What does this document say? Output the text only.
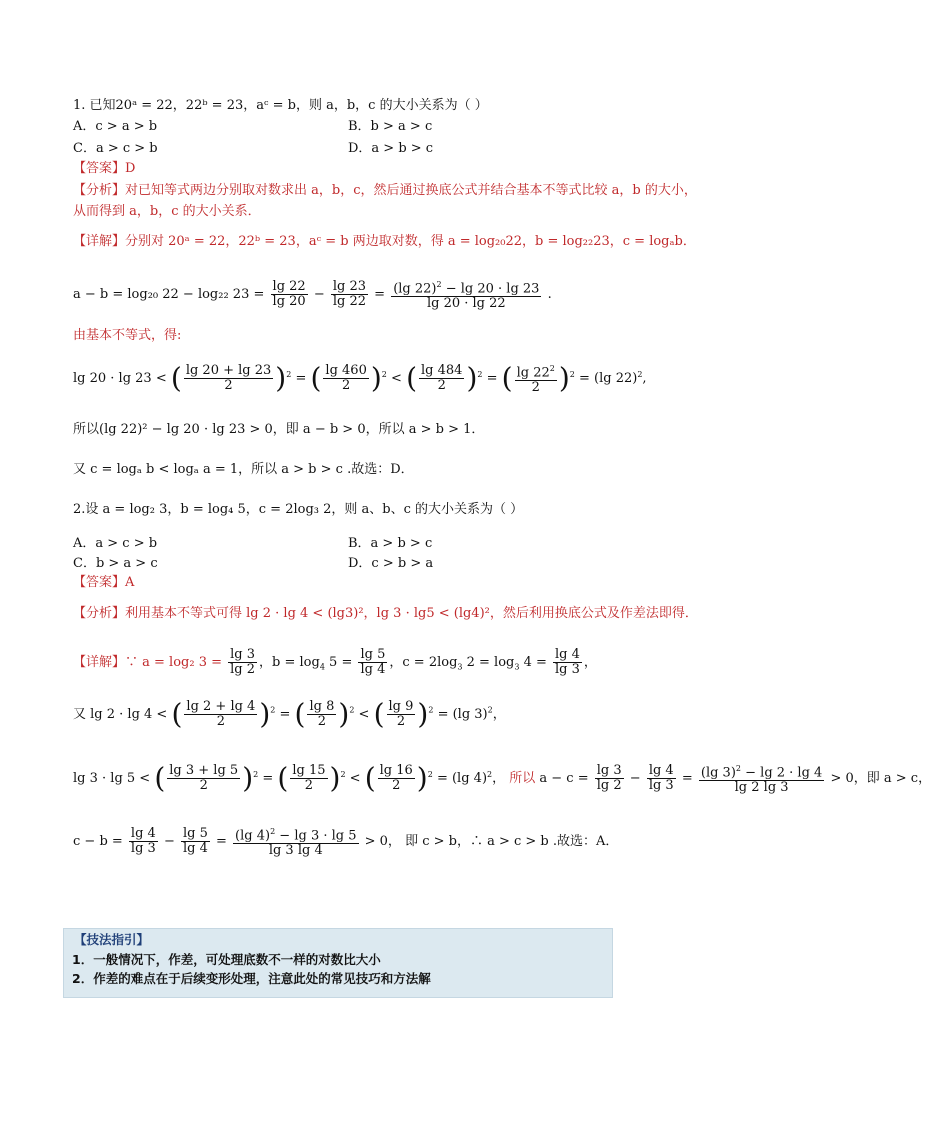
1. 已知20ᵃ = 22，22ᵇ = 23，aᶜ = b，则 a，b，c 的大小关系为（ ）
A．c > a > b	B．b > a > c
C．a > c > b	D．a > b > c
【答案】D
【分析】对已知等式两边分别取对数求出 a，b，c，然后通过换底公式并结合基本不等式比较 a，b 的大小，
从而得到 a，b，c 的大小关系．
【详解】分别对 20ᵃ = 22，22ᵇ = 23，aᶜ = b 两边取对数，得 a = log₂₀22，b = log₂₂23，c = logₐb．
a − b = log₂₀ 22 − log₂₂ $23 = \frac{\lg 22}{\lg 20} - \frac{\lg 23}{\lg 22} = \frac{(\lg 22)^2 - \lg 20 \cdot \lg 23}{\lg 20 \cdot \lg 22}$ .
由基本不等式，得:
lg 20 · lg 23 < ( $\frac{\lg 20 + \lg 23}{2} )^2$ = ( $\frac{\lg 460}{2} )^2$ < ( $\frac{\lg 484}{2} )^2$ = ( $\frac{\lg 22^2}{2} )^2 = (\lg$ 22)$^2$,
所以(lg 22)² − lg 20 · lg 23 > 0，即 a − b > 0，所以 a > b > 1．
又 c = logₐ b < logₐ a = 1，所以 a > b > c .故选：D．
2.设 a = log₂ 3，b = log₄ 5，c = 2log₃ 2，则 a、b、c 的大小关系为（ ）
A．a > c > b	B．a > b > c
C．b > a > c	D．c > b > a
【答案】A
【分析】利用基本不等式可得 lg 2 · lg 4 < (lg3)²，lg 3 · lg5 < (lg4)²，然后利用换底公式及作差法即得．
【详解】∵ a = log₂ $3 = \frac{\lg 3}{\lg 2}$ ，$b = \log_4 5 = \frac{\lg 5}{\lg 4}$ ，$c = 2\log_3$ $2 = \log_3 4 = \frac{\lg 4}{\lg 3}$ ，
又 lg 2 · lg 4 < ( $\frac{\lg 2 + \lg 4}{2} )^2$ = ( $\frac{\lg 8}{2} )^2$ < ( $\frac{\lg 9}{2} )^2 = (\lg$ 3)$^2$，
lg 3 · lg 5 < ( $\frac{\lg 3 + \lg 5}{2} )^2$ = ( $\frac{\lg 15}{2} )^2$ < ( $\frac{\lg 16}{2} )^2 = (\lg$ 4)$^2$， 所以 $a - c = \frac{\lg 3}{\lg 2} - \frac{\lg 4}{\lg 3} = \frac{(\lg 3)^2 - \lg 2 \cdot \lg 4}{\lg 2 \lg 3} > 0$，即 a > c，
$c - b = \frac{\lg 4}{\lg 3} - \frac{\lg 5}{\lg 4} = \frac{(\lg 4)^2 - \lg 3 \cdot \lg 5}{\lg 3 \lg 4} > 0$， 即 c > b，∴ a > c > b .故选：A．
【技法指引】
1．一般情况下，作差，可处理底数不一样的对数比大小
2．作差的难点在于后续变形处理，注意此处的常见技巧和方法解
